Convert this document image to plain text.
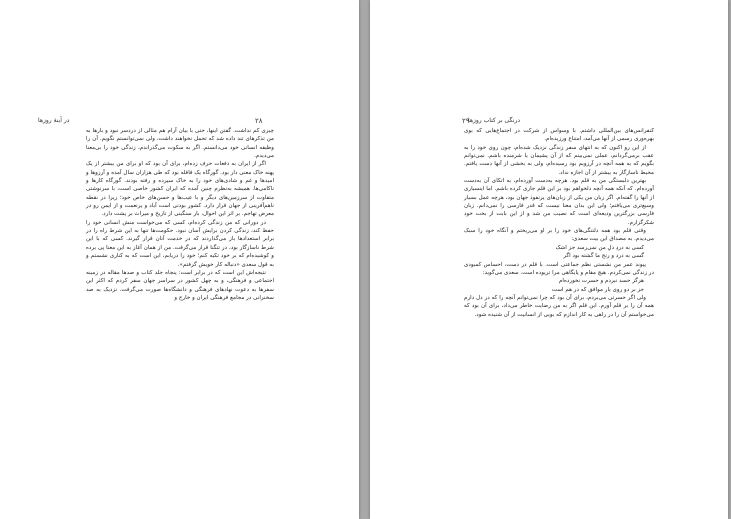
در آینۀ روزها	۲۸

چیزی کم نداشت. گفتن اینها، حتی با بیان آرام هم مثالی از دردسر نبود و بارها به من تذکرهای تند داده شد که تحمل نخواهند داشت، ولی نمی‌توانستم نگویم. آن را وظیفه انسانی خود می‌دانستم. اگر به سکوت می‌گذراندم، زندگی خود را بی‌معنا می‌دیدم.

اگر از ایران به دفعات حرف زده‌ام، برای آن بود که او برای من بیشتر از یک پهنه خاک معنی دار بود. گورگاه یک قافله بود که طی هزاران سال آمده و آرزوها و امیدها و غم و شادی‌های خود را به خاک سپرده و رفته بودند. گورگاه کارها و ناکامی‌ها. همیشه به‌نظرم چنین آمده که ایران کشور خاصی است، با سرنوشتی متفاوت از سرزمین‌های دیگر و با عیب‌ها و حسن‌های خاص خود؛ زیرا در نقطه ناهم‌آفرینی از جهان قرار دارد. کشور بودنی است آباد و پرنعمت و از ایمن رو در معرض تهاجم. بر اثر این احوال، بار سنگینی از تاریخ و میراث بر پشت دارد.

در دورانی که من زندگی کرده‌ام، کسی که می‌خواست منش انسانی خود را حفظ کند، زندگی کردن برایش آسان نبود. حکومت‌ها تنها به این شرط راه را در برابر استعدادها باز می‌گذاردند که در خدمت آنان قرار گیرند. کسی که با این شرط ناسازگار بود، در تنگنا قرار می‌گرفت. من از همان آغاز به این معنا پی برده و کوشیده‌ام که بر خود تکیه کنم؛ خود را دریابم، این است که به کناری نشستم و به قول سعدی «دنباله کار خویش گرفتم».

نتیجه‌اش این است که در برابر است: پنجاه جلد کتاب و صدها مقاله در زمینه اجتماعی و فرهنگی، و به چهل کشور در سراسر جهان سفر کردم که اکثر این سفرها به دعوت نهادهای فرهنگی و دانشگاه‌ها صورت می‌گرفت. نزدیک به صد سخنرانی در مجامع فرهنگی ایران و خارج و

درنگی بر کتاب روزها
۲۹

کنفرانس‌های بین‌المللی داشتم. با وسواس از شرکت در اجتماع‌هایی که بوی بهره‌وری رسمی از آنها می‌آمد، امتناع ورزیده‌ام.

از این رو اکنون که به انتهای سفر زندگی نزدیک شده‌ام، چون روی خود را به عقب برمی‌گردانم، عملی نمی‌بینم که از آن پشیمان یا شرمنده باشم. نمی‌توانم بگویم که به همه آنچه در آرزویم بود رسیده‌ام، ولی به بخشی از آنها دست یافتم. محیط ناسازگار به بیشتر از آن اجازه نداد.

بهترین دلبستگی من به قلم بود. هرچه به‌دست آورده‌ام، به اتکای آن به‌دست آورده‌ام. که آنکه همه آنچه دلخواهم بود بر این قلم جاری کرده باشم. اما اینسیاری از آنها را گفته‌ام. اگر زبان من یکی از زبان‌های پرنفوذ جهان بود، هرچه عمل بسیار وسیع‌تری می‌یافتم؛ ولی این بدان معنا نیست که قدر فارسی را نمی‌دانم. زبان فارسی بزرگترین ودیعه‌ای است که نصیب من شد و از این بابت از بخت خود شکرگزارم.

وقتی قلم بود همه دلتنگی‌های خود را بر او می‌ریختم و آنگاه خود را سبک می‌دیدم. به مصداق این بیت سعدی:

کسی به دردِ دلِ من نمی‌رسد جز اشک

گسی به درد و رنج ما گشته بود اگر

پیوند عمر من نشستی نظم جماعتی است. با قلم در دست، احساس کمبودی در زندگی نمی‌کردم. هیچ مقام و پایگاهی مرا تریوده است. سعدی می‌گوید:

هرگز حسد نبردم و حسرت نخورده‌ام

جز بر دو روی یار موافق که در هم است

ولی اگر حسرتی می‌بردم، برای آن بود که چرا نمی‌توانم آنچه را که در دل دارم همه آن را بر قلم آورم. این قلم اگر به من رضایت خاطر می‌داد، برای آن بود که می‌خواستم آن را در راهی به کار اندازم که بویی از انسانیت از آن شنیده شود.
